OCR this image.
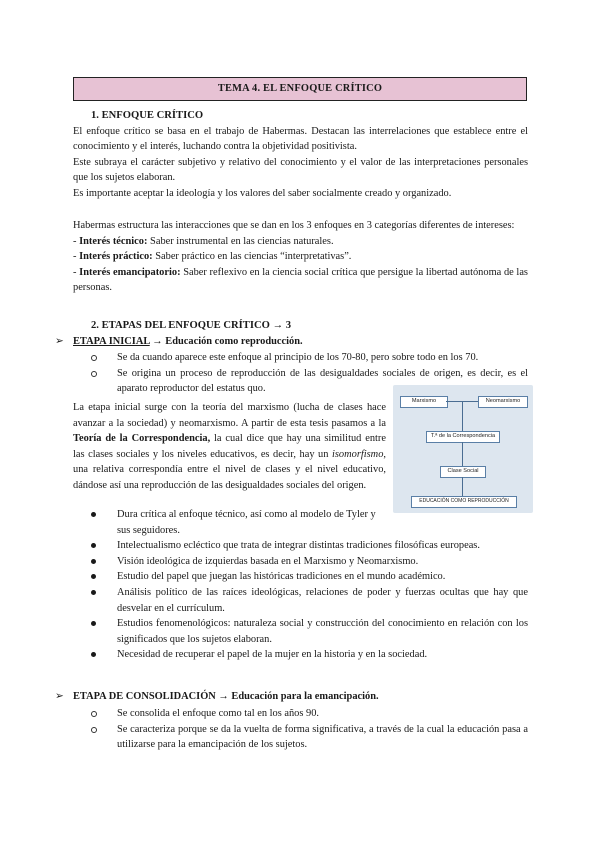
TEMA 4. EL ENFOQUE CRÍTICO
1. ENFOQUE CRÍTICO

El enfoque crítico se basa en el trabajo de Habermas. Destacan las interrelaciones que establece entre el conocimiento y el interés, luchando contra la objetividad positivista.

Este subraya el carácter subjetivo y relativo del conocimiento y el valor de las interpretaciones personales que los sujetos elaboran.

Es importante aceptar la ideología y los valores del saber socialmente creado y organizado.

Habermas estructura las interacciones que se dan en los 3 enfoques en 3 categorías diferentes de intereses:

- Interés técnico: Saber instrumental en las ciencias naturales.

- Interés práctico: Saber práctico en las ciencias “interpretativas”.

- Interés emancipatorio: Saber reflexivo en la ciencia social crítica que persigue la libertad autónoma de las personas.

2. ETAPAS DEL ENFOQUE CRÍTICO → 3
➢ ETAPA INICIAL → Educación como reproducción.
Se da cuando aparece este enfoque al principio de los 70-80, pero sobre todo en los 70.
Se origina un proceso de reproducción de las desigualdades sociales de origen, es decir, es el aparato reproductor del estatus quo.
La etapa inicial surge con la teoría del marxismo (lucha de clases hace avanzar a la sociedad) y neomarxismo. A partir de esta tesis pasamos a la Teoría de la Correspondencia, la cual dice que hay una similitud entre las clases sociales y los niveles educativos, es decir, hay un isomorfismo, una relativa correspondía entre el nivel de clases y el nivel educativo, dándose así una reproducción de las desigualdades sociales del origen.
Marxismo	Neomarxismo
T.ª de la Correspondencia
Clase Social
EDUCACIÓN COMO REPRODUCCIÓN
Dura crítica al enfoque técnico, así como al modelo de Tyler y sus seguidores.
Intelectualismo ecléctico que trata de integrar distintas tradiciones filosóficas europeas.
Visión ideológica de izquierdas basada en el Marxismo y Neomarxismo.
Estudio del papel que juegan las históricas tradiciones en el mundo académico.
Análisis político de las raíces ideológicas, relaciones de poder y fuerzas ocultas que hay que desvelar en el currículum.
Estudios fenomenológicos: naturaleza social y construcción del conocimiento en relación con los significados que los sujetos elaboran.
Necesidad de recuperar el papel de la mujer en la historia y en la sociedad.
➢ ETAPA DE CONSOLIDACIÓN → Educación para la emancipación.
Se consolida el enfoque como tal en los años 90.
Se caracteriza porque se da la vuelta de forma significativa, a través de la cual la educación pasa a utilizarse para la emancipación de los sujetos.
